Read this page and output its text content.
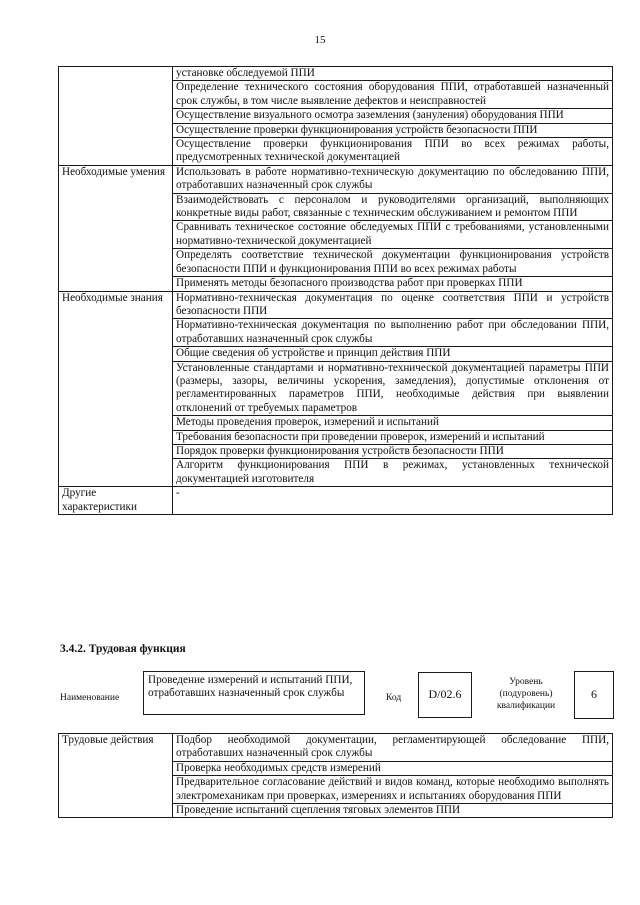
15
	установке обследуемой ППИ
	Определение технического состояния оборудования ППИ, отработавшей назначенный срок службы, в том числе выявление дефектов и неисправностей
	Осуществление визуального осмотра заземления (зануления) оборудования ППИ
	Осуществление проверки функционирования устройств безопасности ППИ
	Осуществление проверки функционирования ППИ во всех режимах работы, предусмотренных технической документацией
Необходимые умения	Использовать в работе нормативно-техническую документацию по обследованию ППИ, отработавших назначенный срок службы
	Взаимодействовать с персоналом и руководителями организаций, выполняющих конкретные виды работ, связанные с техническим обслуживанием и ремонтом ППИ
	Сравнивать техническое состояние обследуемых ППИ с требованиями, установленными нормативно-технической документацией
	Определять соответствие технической документации функционирования устройств безопасности ППИ и функционирования ППИ во всех режимах работы
	Применять методы безопасного производства работ при проверках ППИ
Необходимые знания	Нормативно-техническая документация по оценке соответствия ППИ и устройств безопасности ППИ
	Нормативно-техническая документация по выполнению работ при обследовании ППИ, отработавших назначенный срок службы
	Общие сведения об устройстве и принцип действия ППИ
	Установленные стандартами и нормативно-технической документацией параметры ППИ (размеры, зазоры, величины ускорения, замедления), допустимые отклонения от регламентированных параметров ППИ, необходимые действия при выявлении отклонений от требуемых параметров
	Методы проведения проверок, измерений и испытаний
	Требования безопасности при проведении проверок, измерений и испытаний
	Порядок проверки функционирования устройств безопасности ППИ
	Алгоритм функционирования ППИ в режимах, установленных технической документацией изготовителя
Другие характеристики	-
3.4.2. Трудовая функция
Наименование
Проведение измерений и испытаний ППИ, отработавших назначенный срок службы	Код	D/02.6
Уровень (подуровень) квалификации
6
Трудовые действия	Подбор необходимой документации, регламентирующей обследование ППИ, отработавших назначенный срок службы
Проверка необходимых средств измерений
Предварительное согласование действий и видов команд, которые необходимо выполнять электромеханикам при проверках, измерениях и испытаниях оборудования ППИ
Проведение испытаний сцепления тяговых элементов ППИ
